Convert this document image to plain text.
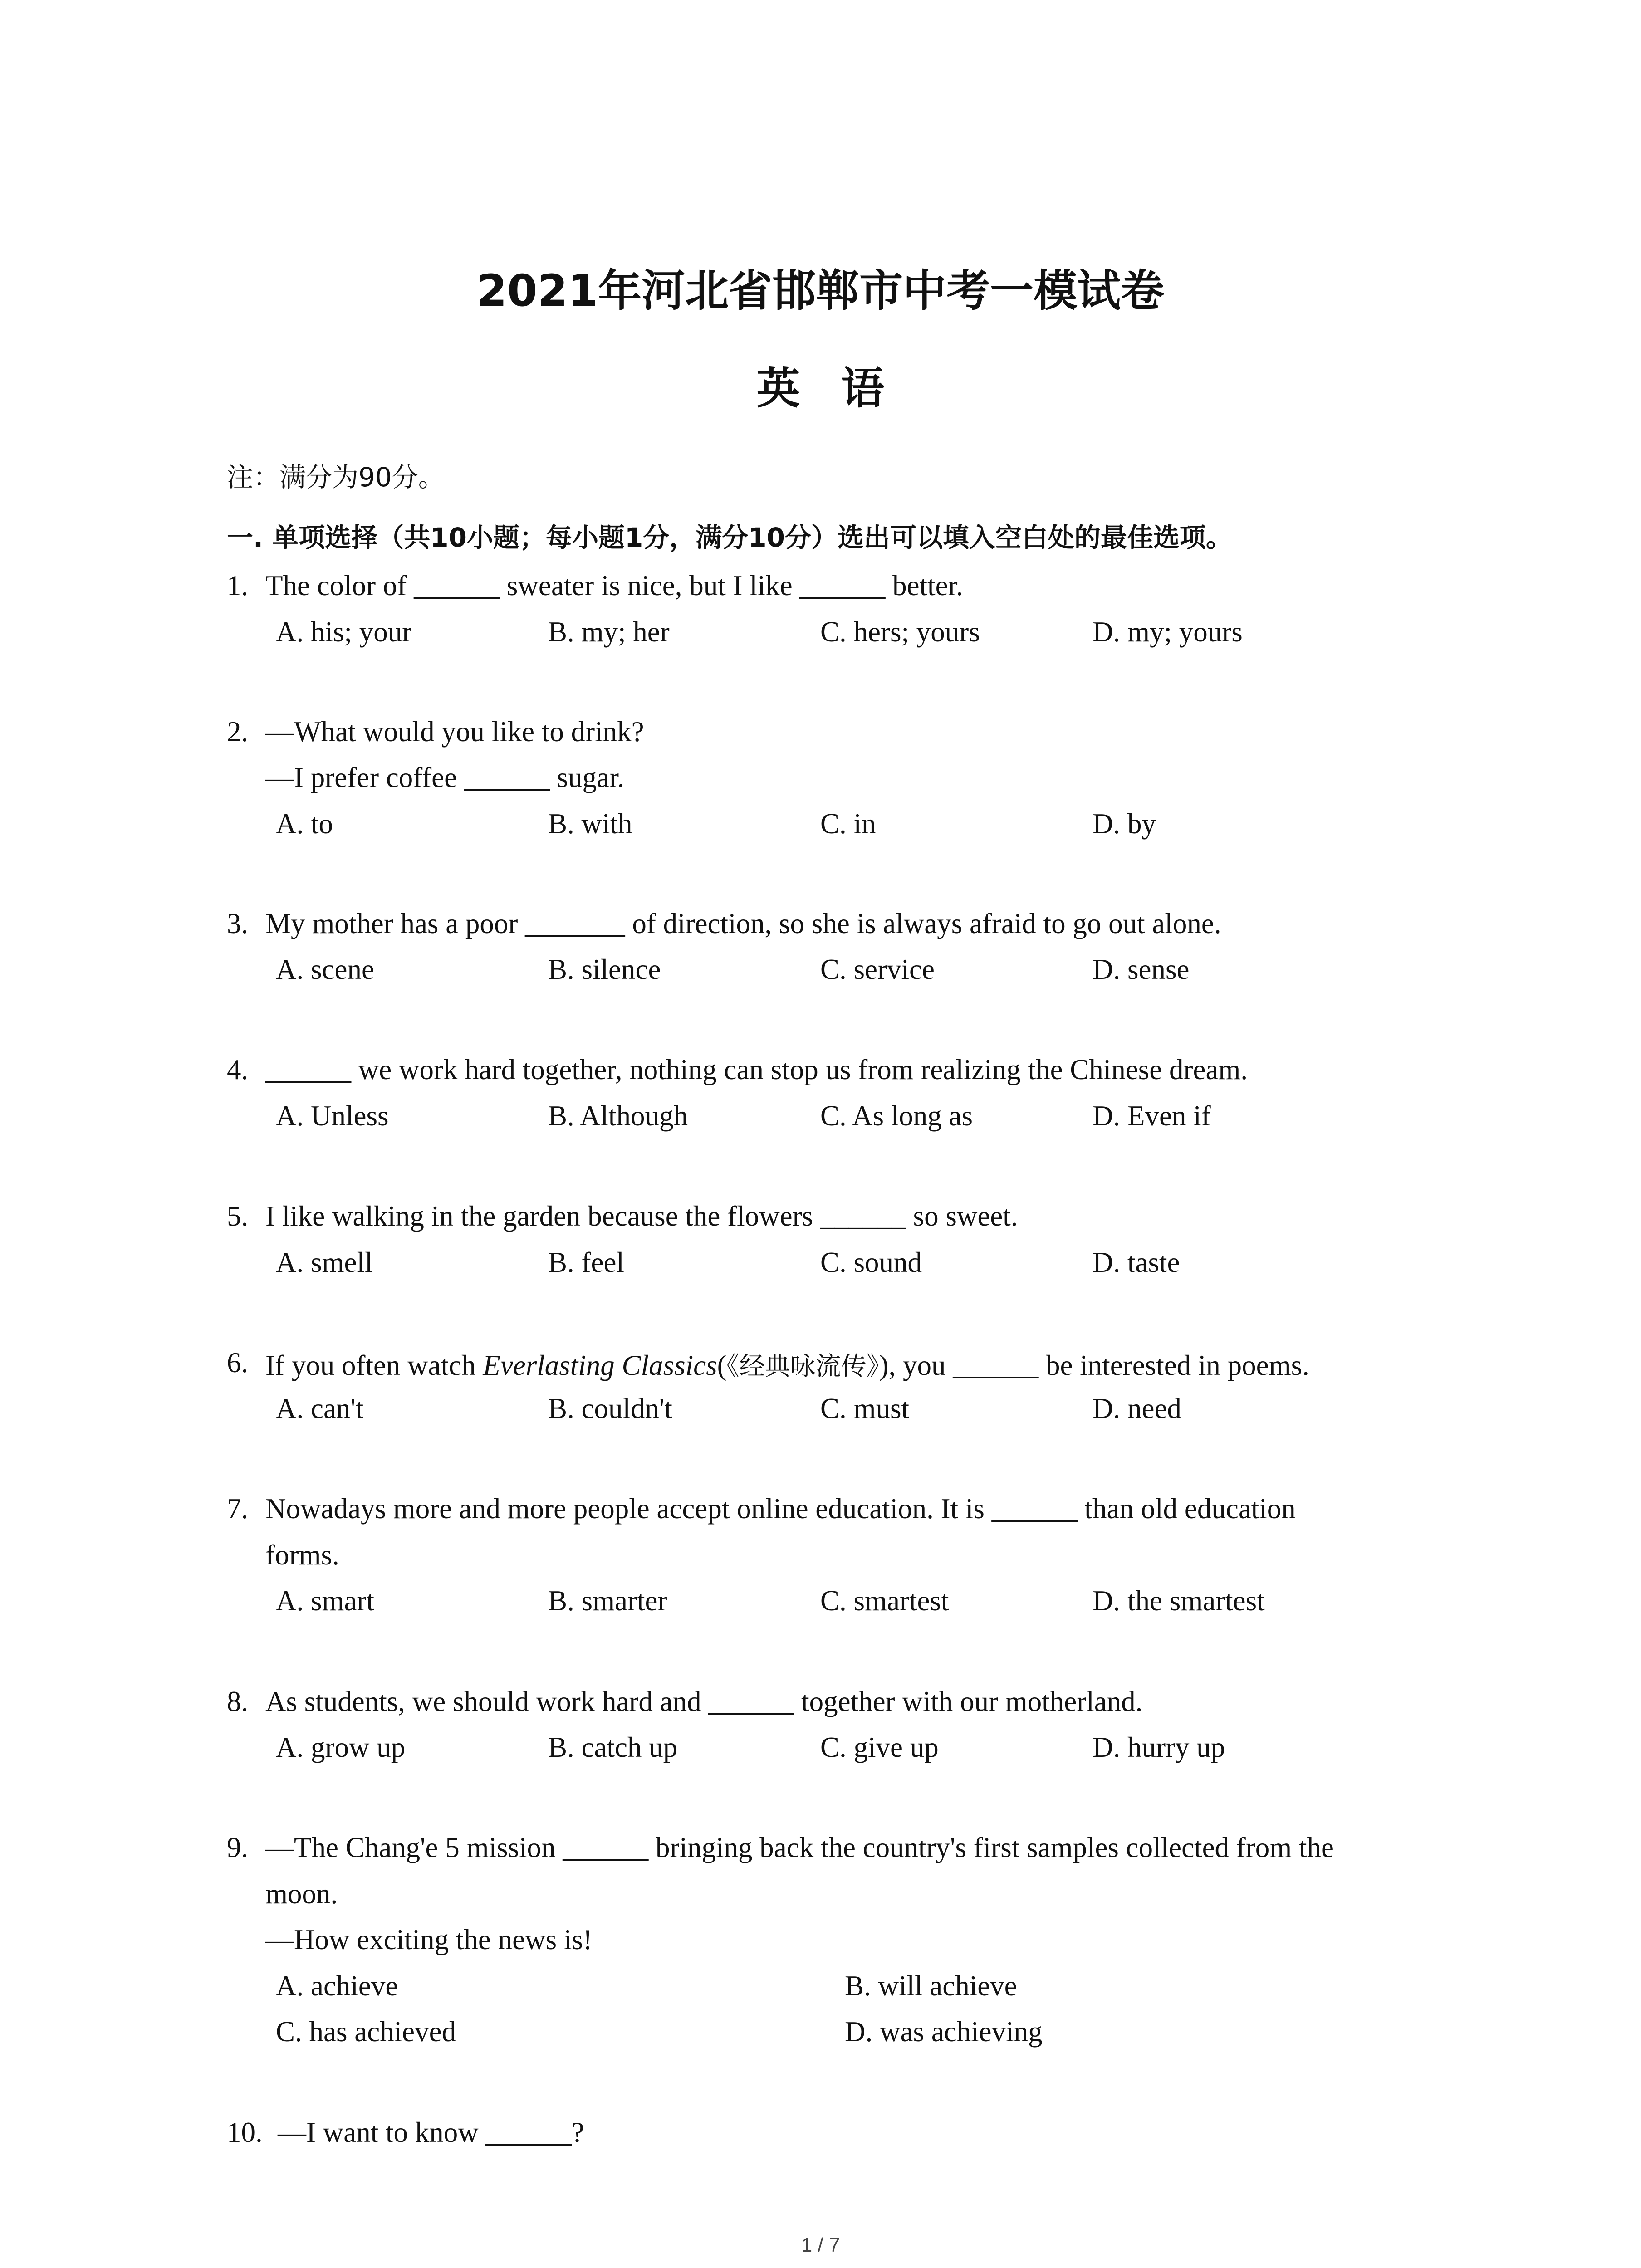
2021年河北省邯郸市中考一模试卷
英语
注：满分为90分。
一. 单项选择（共10小题；每小题1分，满分10分）选出可以填入空白处的最佳选项。
1. The color of ______ sweater is nice, but I like ______ better.
A. his; your	B. my; her	C. hers; yours	D. my; yours
2. —What would you like to drink?
—I prefer coffee ______ sugar.
A. to	B. with	C. in	D. by
3. My mother has a poor _______ of direction, so she is always afraid to go out alone.
A. scene	B. silence	C. service	D. sense
4. ______ we work hard together, nothing can stop us from realizing the Chinese dream.
A. Unless	B. Although	C. As long as	D. Even if
5. I like walking in the garden because the flowers ______ so sweet.
A. smell	B. feel	C. sound	D. taste
6. If you often watch Everlasting Classics(《经典咏流传》), you ______ be interested in poems.
A. can't	B. couldn't	C. must	D. need
7. Nowadays more and more people accept online education. It is ______ than old education
forms.
A. smart	B. smarter	C. smartest	D. the smartest
8. As students, we should work hard and ______ together with our motherland.
A. grow up	B. catch up	C. give up	D. hurry up
9. —The Chang'e 5 mission ______ bringing back the country's first samples collected from the
moon.
—How exciting the news is!
A. achieve	B. will achieve
C. has achieved	D. was achieving
10. —I want to know ______?
1 / 7
